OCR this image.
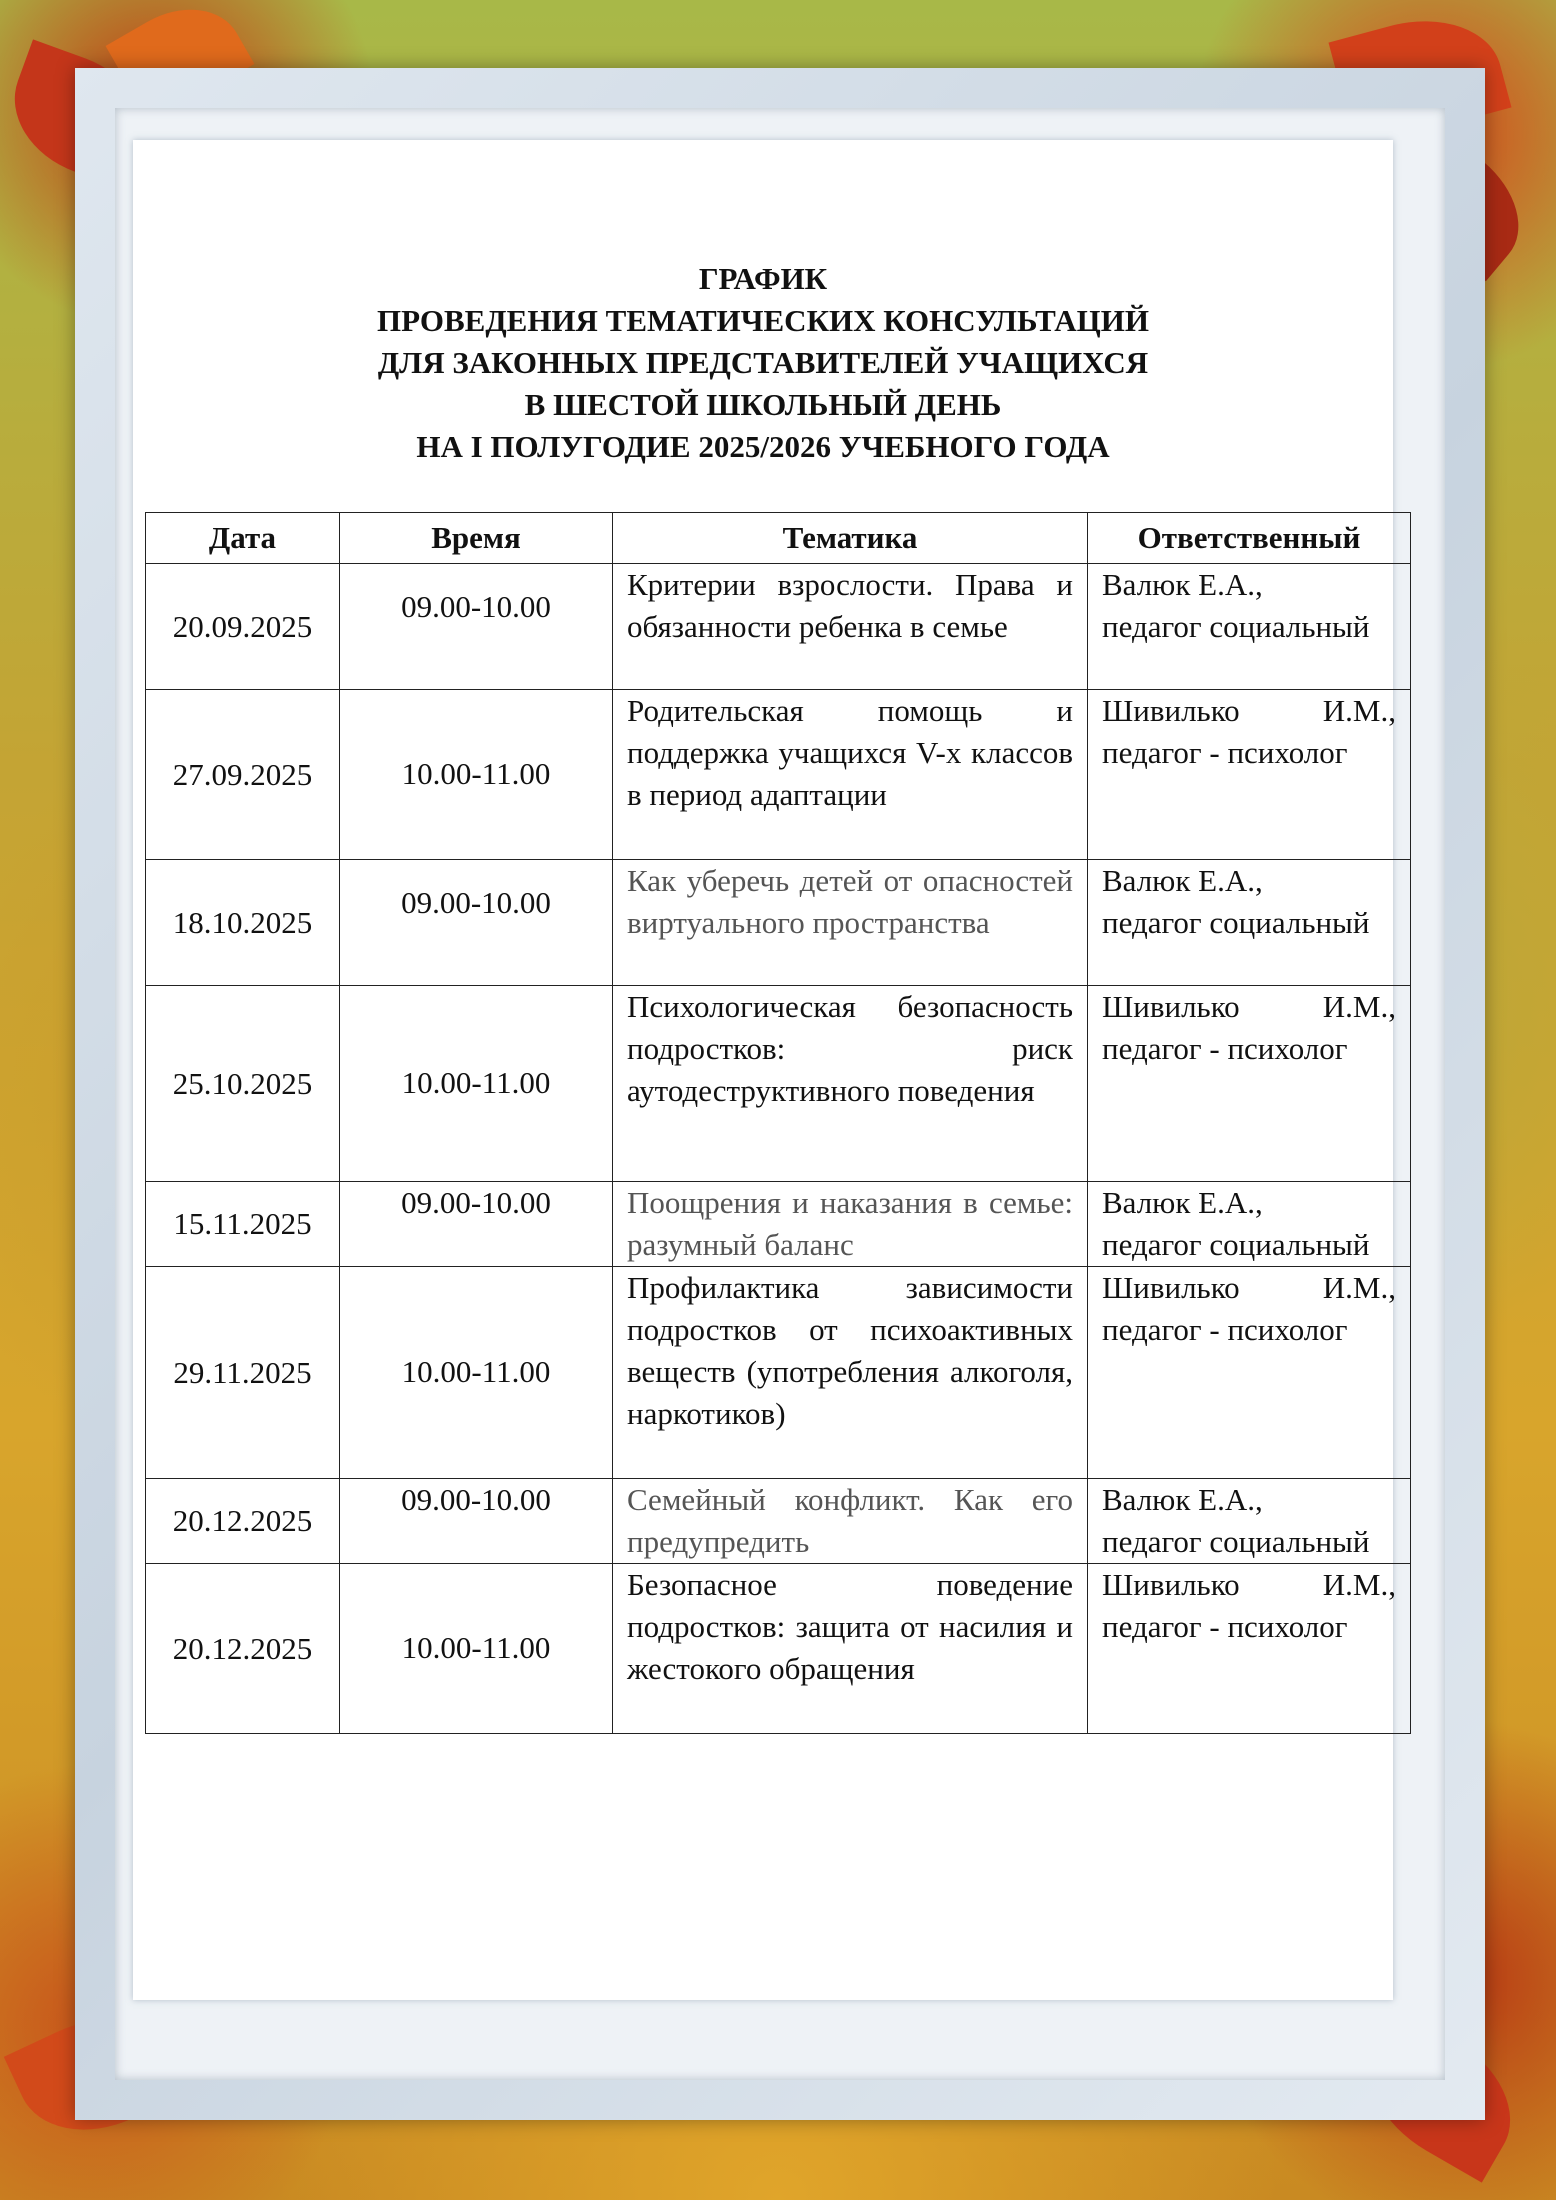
ГРАФИК
ПРОВЕДЕНИЯ ТЕМАТИЧЕСКИХ КОНСУЛЬТАЦИЙ
ДЛЯ ЗАКОННЫХ ПРЕДСТАВИТЕЛЕЙ УЧАЩИХСЯ
В ШЕСТОЙ ШКОЛЬНЫЙ ДЕНЬ
НА I ПОЛУГОДИЕ 2025/2026 УЧЕБНОГО ГОДА
Дата	Время	Тематика	Ответственный
20.09.2025	09.00-10.00	Критерии взрослости. Права и обязанности ребенка в семье	Валюк Е.А.,
педагог социальный

27.09.2025	10.00-11.00	Родительская помощь и поддержка учащихся V-х классов в период адаптации	Шивилько И.М.,
педагог - психолог

18.10.2025	09.00-10.00	Как уберечь детей от опасностей виртуального пространства	Валюк Е.А.,
педагог социальный

25.10.2025	10.00-11.00	Психологическая безопасность подростков: риск аутодеструктивного поведения	Шивилько И.М.,
педагог - психолог

15.11.2025	09.00-10.00	Поощрения и наказания в семье: разумный баланс	Валюк Е.А.,
педагог социальный

29.11.2025	10.00-11.00	Профилактика зависимости подростков от психоактивных веществ (употребления алкоголя, наркотиков)	Шивилько И.М.,
педагог - психолог

20.12.2025	09.00-10.00	Семейный конфликт. Как его предупредить	Валюк Е.А.,
педагог социальный

20.12.2025	10.00-11.00	Безопасное поведение подростков: защита от насилия и жестокого обращения	Шивилько И.М.,
педагог - психолог
